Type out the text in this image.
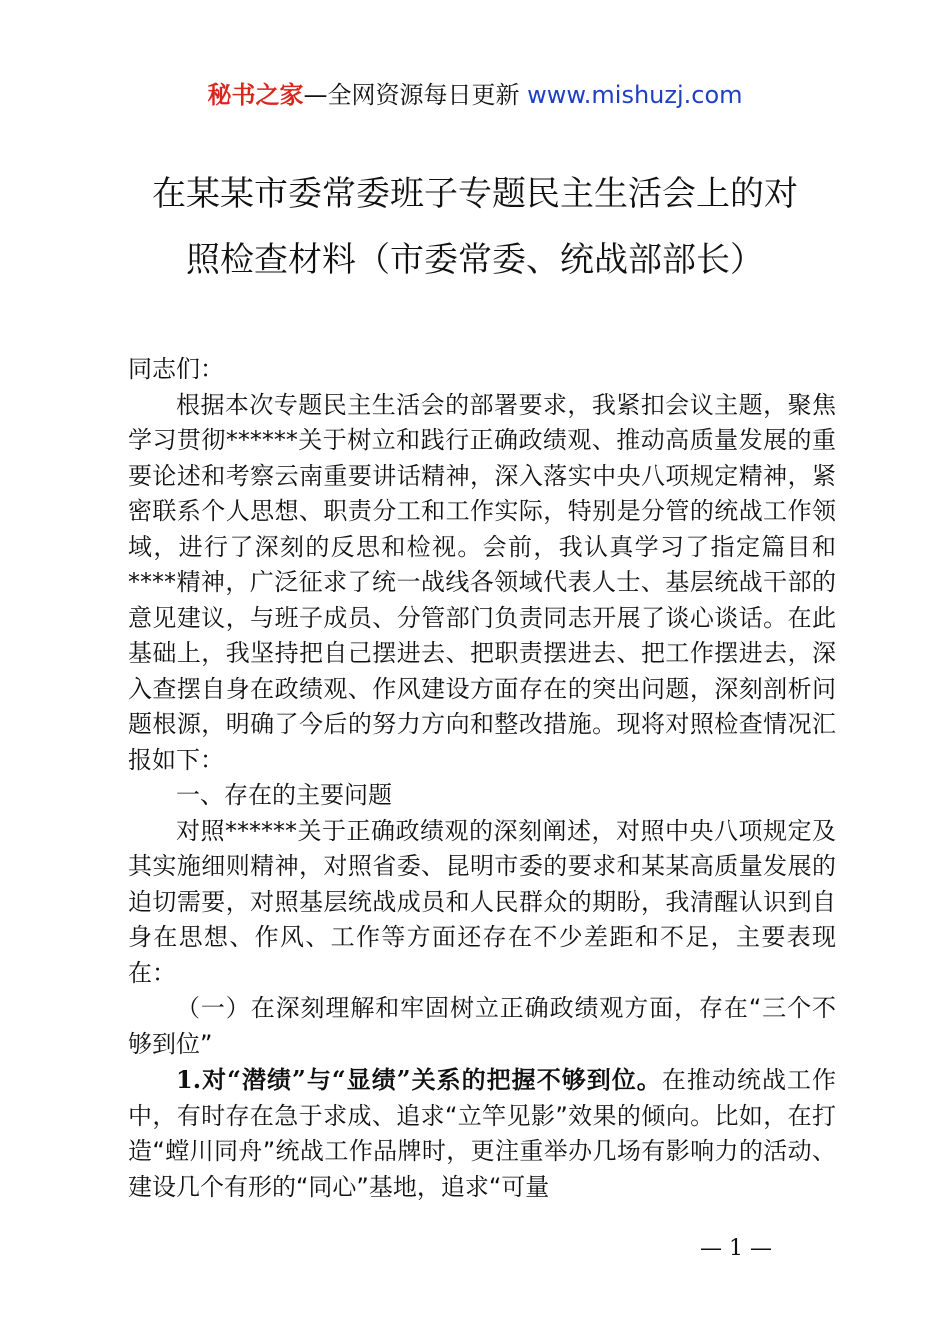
秘书之家—全网资源每日更新 www.mishuzj.com
在某某市委常委班子专题民主生活会上的对
照检查材料（市委常委、统战部部长）

同志们：

根据本次专题民主生活会的部署要求，我紧扣会议主题，聚焦学习贯彻******关于树立和践行正确政绩观、推动高质量发展的重要论述和考察云南重要讲话精神，深入落实中央八项规定精神，紧密联系个人思想、职责分工和工作实际，特别是分管的统战工作领域，进行了深刻的反思和检视。会前，我认真学习了指定篇目和****精神，广泛征求了统一战线各领域代表人士、基层统战干部的意见建议，与班子成员、分管部门负责同志开展了谈心谈话。在此基础上，我坚持把自己摆进去、把职责摆进去、把工作摆进去，深入查摆自身在政绩观、作风建设方面存在的突出问题，深刻剖析问题根源，明确了今后的努力方向和整改措施。现将对照检查情况汇报如下：

一、存在的主要问题

对照******关于正确政绩观的深刻阐述，对照中央八项规定及其实施细则精神，对照省委、昆明市委的要求和某某高质量发展的迫切需要，对照基层统战成员和人民群众的期盼，我清醒认识到自身在思想、作风、工作等方面还存在不少差距和不足，主要表现在：

（一）在深刻理解和牢固树立正确政绩观方面，存在“三个不够到位”

1.对“潜绩”与“显绩”关系的把握不够到位。在推动统战工作中，有时存在急于求成、追求“立竿见影”效果的倾向。比如，在打造“螳川同舟”统战工作品牌时，更注重举办几场有影响力的活动、建设几个有形的“同心”基地，追求“可量

— 1 —
